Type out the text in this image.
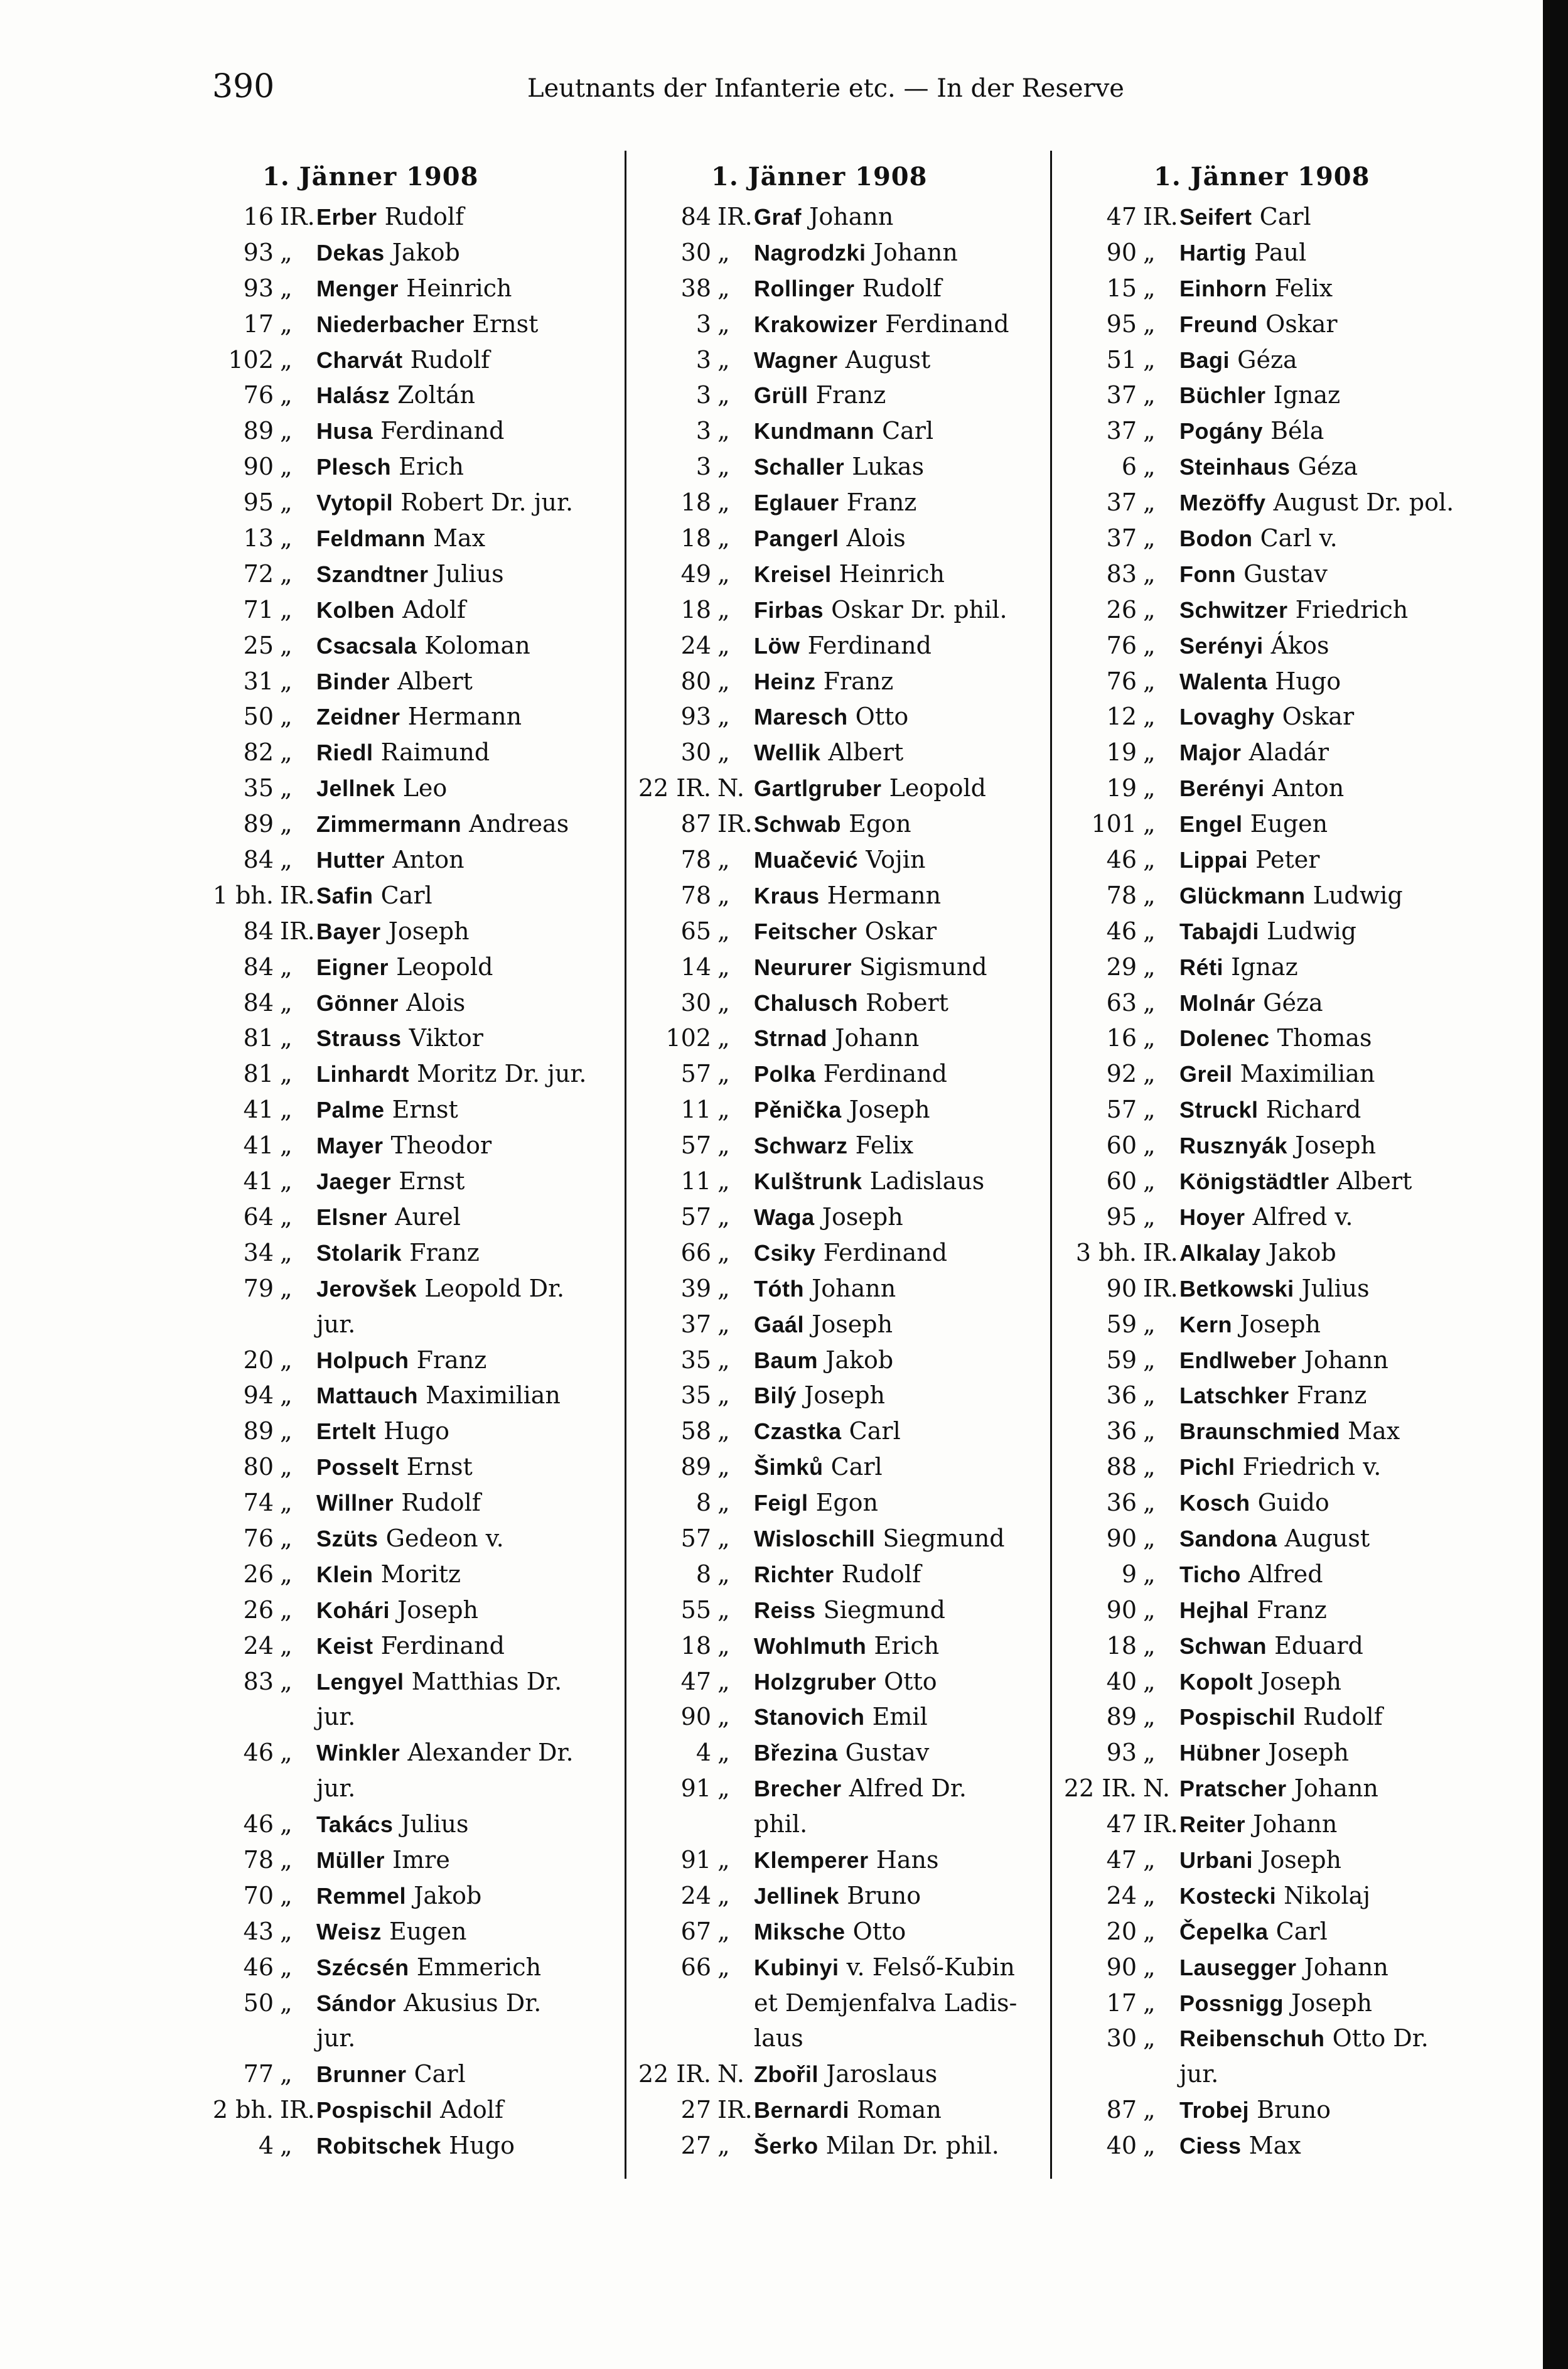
390	Leutnants der Infanterie etc. — In der Reserve
1. Jänner 1908
16 IR. Erber Rudolf
93 „	Dekas Jakob
93 „	Menger Heinrich
17 „	Niederbacher Ernst
102 „	Charvát Rudolf
76 „	Halász Zoltán
89 „	Husa Ferdinand
90 „	Plesch Erich
95 „	Vytopil Robert Dr. jur.
13 „	Feldmann Max
72 „	Szandtner Julius
71 „	Kolben Adolf
25 „	Csacsala Koloman
31 „	Binder Albert
50 „	Zeidner Hermann
82 „	Riedl Raimund
35 „	Jellnek Leo
89 „	Zimmermann Andreas
84 „	Hutter Anton
1 bh. IR. Safin Carl
84 IR. Bayer Joseph
84 „	Eigner Leopold
84 „	Gönner Alois
81 „	Strauss Viktor
81 „	Linhardt Moritz Dr. jur.
41 „	Palme Ernst
41 „	Mayer Theodor
41 „	Jaeger Ernst
64 „	Elsner Aurel
34 „	Stolarik Franz
79 „	Jerovšek Leopold Dr.
jur.
20 „	Holpuch Franz
94 „	Mattauch Maximilian
89 „	Ertelt Hugo
80 „	Posselt Ernst
74 „	Willner Rudolf
76 „	Szüts Gedeon v.
26 „	Klein Moritz
26 „	Kohári Joseph
24 „	Keist Ferdinand
83 „	Lengyel Matthias Dr.
jur.
46 „	Winkler Alexander Dr.
jur.
46 „	Takács Julius
78 „	Müller Imre
70 „	Remmel Jakob
43 „	Weisz Eugen
46 „	Szécsén Emmerich
50 „	Sándor Akusius Dr.
jur.
77 „	Brunner Carl
2 bh. IR. Pospischil Adolf
4 „	Robitschek Hugo
1. Jänner 1908
84 IR. Graf Johann
30 „	Nagrodzki Johann
38 „	Rollinger Rudolf
3 „	Krakowizer Ferdinand
3 „	Wagner August
3 „	Grüll Franz
3 „	Kundmann Carl
3 „	Schaller Lukas
18 „	Eglauer Franz
18 „	Pangerl Alois
49 „	Kreisel Heinrich
18 „	Firbas Oskar Dr. phil.
24 „	Löw Ferdinand
80 „	Heinz Franz
93 „	Maresch Otto
30 „	Wellik Albert
22 IR. N. Gartlgruber Leopold
87 IR. Schwab Egon
78 „	Muačević Vojin
78 „	Kraus Hermann
65 „	Feitscher Oskar
14 „	Neururer Sigismund
30 „	Chalusch Robert
102 „	Strnad Johann
57 „	Polka Ferdinand
11 „	Pěnička Joseph
57 „	Schwarz Felix
11 „	Kulštrunk Ladislaus
57 „	Waga Joseph
66 „	Csiky Ferdinand
39 „	Tóth Johann
37 „	Gaál Joseph
35 „	Baum Jakob
35 „	Bilý Joseph
58 „	Czastka Carl
89 „	Šimků Carl
8 „	Feigl Egon
57 „	Wisloschill Siegmund
8 „	Richter Rudolf
55 „	Reiss Siegmund
18 „	Wohlmuth Erich
47 „	Holzgruber Otto
90 „	Stanovich Emil
4 „	Březina Gustav
91 „	Brecher Alfred Dr.
phil.
91 „	Klemperer Hans
24 „	Jellinek Bruno
67 „	Miksche Otto
66 „	Kubinyi v. Felső-Kubin
et Demjenfalva Ladis-
laus
22 IR. N. Zbořil Jaroslaus
27 IR. Bernardi Roman
27 „	Šerko Milan Dr. phil.
1. Jänner 1908
47 IR. Seifert Carl
90 „	Hartig Paul
15 „	Einhorn Felix
95 „	Freund Oskar
51 „	Bagi Géza
37 „	Büchler Ignaz
37 „	Pogány Béla
6 „	Steinhaus Géza
37 „	Mezöffy August Dr. pol.
37 „	Bodon Carl v.
83 „	Fonn Gustav
26 „	Schwitzer Friedrich
76 „	Serényi Ákos
76 „	Walenta Hugo
12 „	Lovaghy Oskar
19 „	Major Aladár
19 „	Berényi Anton
101 „	Engel Eugen
46 „	Lippai Peter
78 „	Glückmann Ludwig
46 „	Tabajdi Ludwig
29 „	Réti Ignaz
63 „	Molnár Géza
16 „	Dolenec Thomas
92 „	Greil Maximilian
57 „	Struckl Richard
60 „	Rusznyák Joseph
60 „	Königstädtler Albert
95 „	Hoyer Alfred v.
3 bh. IR. Alkalay Jakob
90 IR. Betkowski Julius
59 „	Kern Joseph
59 „	Endlweber Johann
36 „	Latschker Franz
36 „	Braunschmied Max
88 „	Pichl Friedrich v.
36 „	Kosch Guido
90 „	Sandona August
9 „	Ticho Alfred
90 „	Hejhal Franz
18 „	Schwan Eduard
40 „	Kopolt Joseph
89 „	Pospischil Rudolf
93 „	Hübner Joseph
22 IR. N. Pratscher Johann
47 IR. Reiter Johann
47 „	Urbani Joseph
24 „	Kostecki Nikolaj
20 „	Čepelka Carl
90 „	Lausegger Johann
17 „	Possnigg Joseph
30 „	Reibenschuh Otto Dr.
jur.
87 „	Trobej Bruno
40 „	Ciess Max
